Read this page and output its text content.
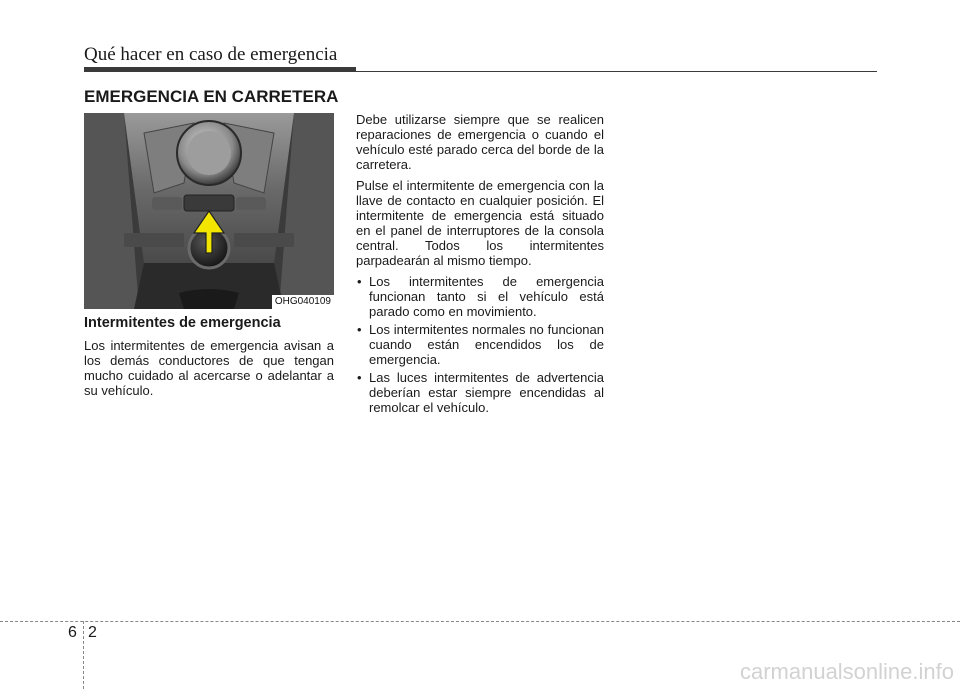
Qué hacer en caso de emergencia
EMERGENCIA EN CARRETERA
OHG040109
Intermitentes de emergencia

Los intermitentes de emergencia avisan a los demás conductores de que tengan mucho cuidado al acercarse o adelantar a su vehículo.

Debe utilizarse siempre que se realicen reparaciones de emergencia o cuando el vehículo esté parado cerca del borde de la carretera.

Pulse el intermitente de emergencia con la llave de contacto en cualquier posición. El intermitente de emergencia está situado en el panel de interruptores de la consola central. Todos los intermitentes parpadearán al mismo tiempo.

• Los intermitentes de emergencia funcionan tanto si el vehículo está parado como en movimiento.
• Los intermitentes normales no funcionan cuando están encendidos los de emergencia.
• Las luces intermitentes de advertencia deberían estar siempre encendidas al remolcar el vehículo.
6 2
carmanualsonline.info
